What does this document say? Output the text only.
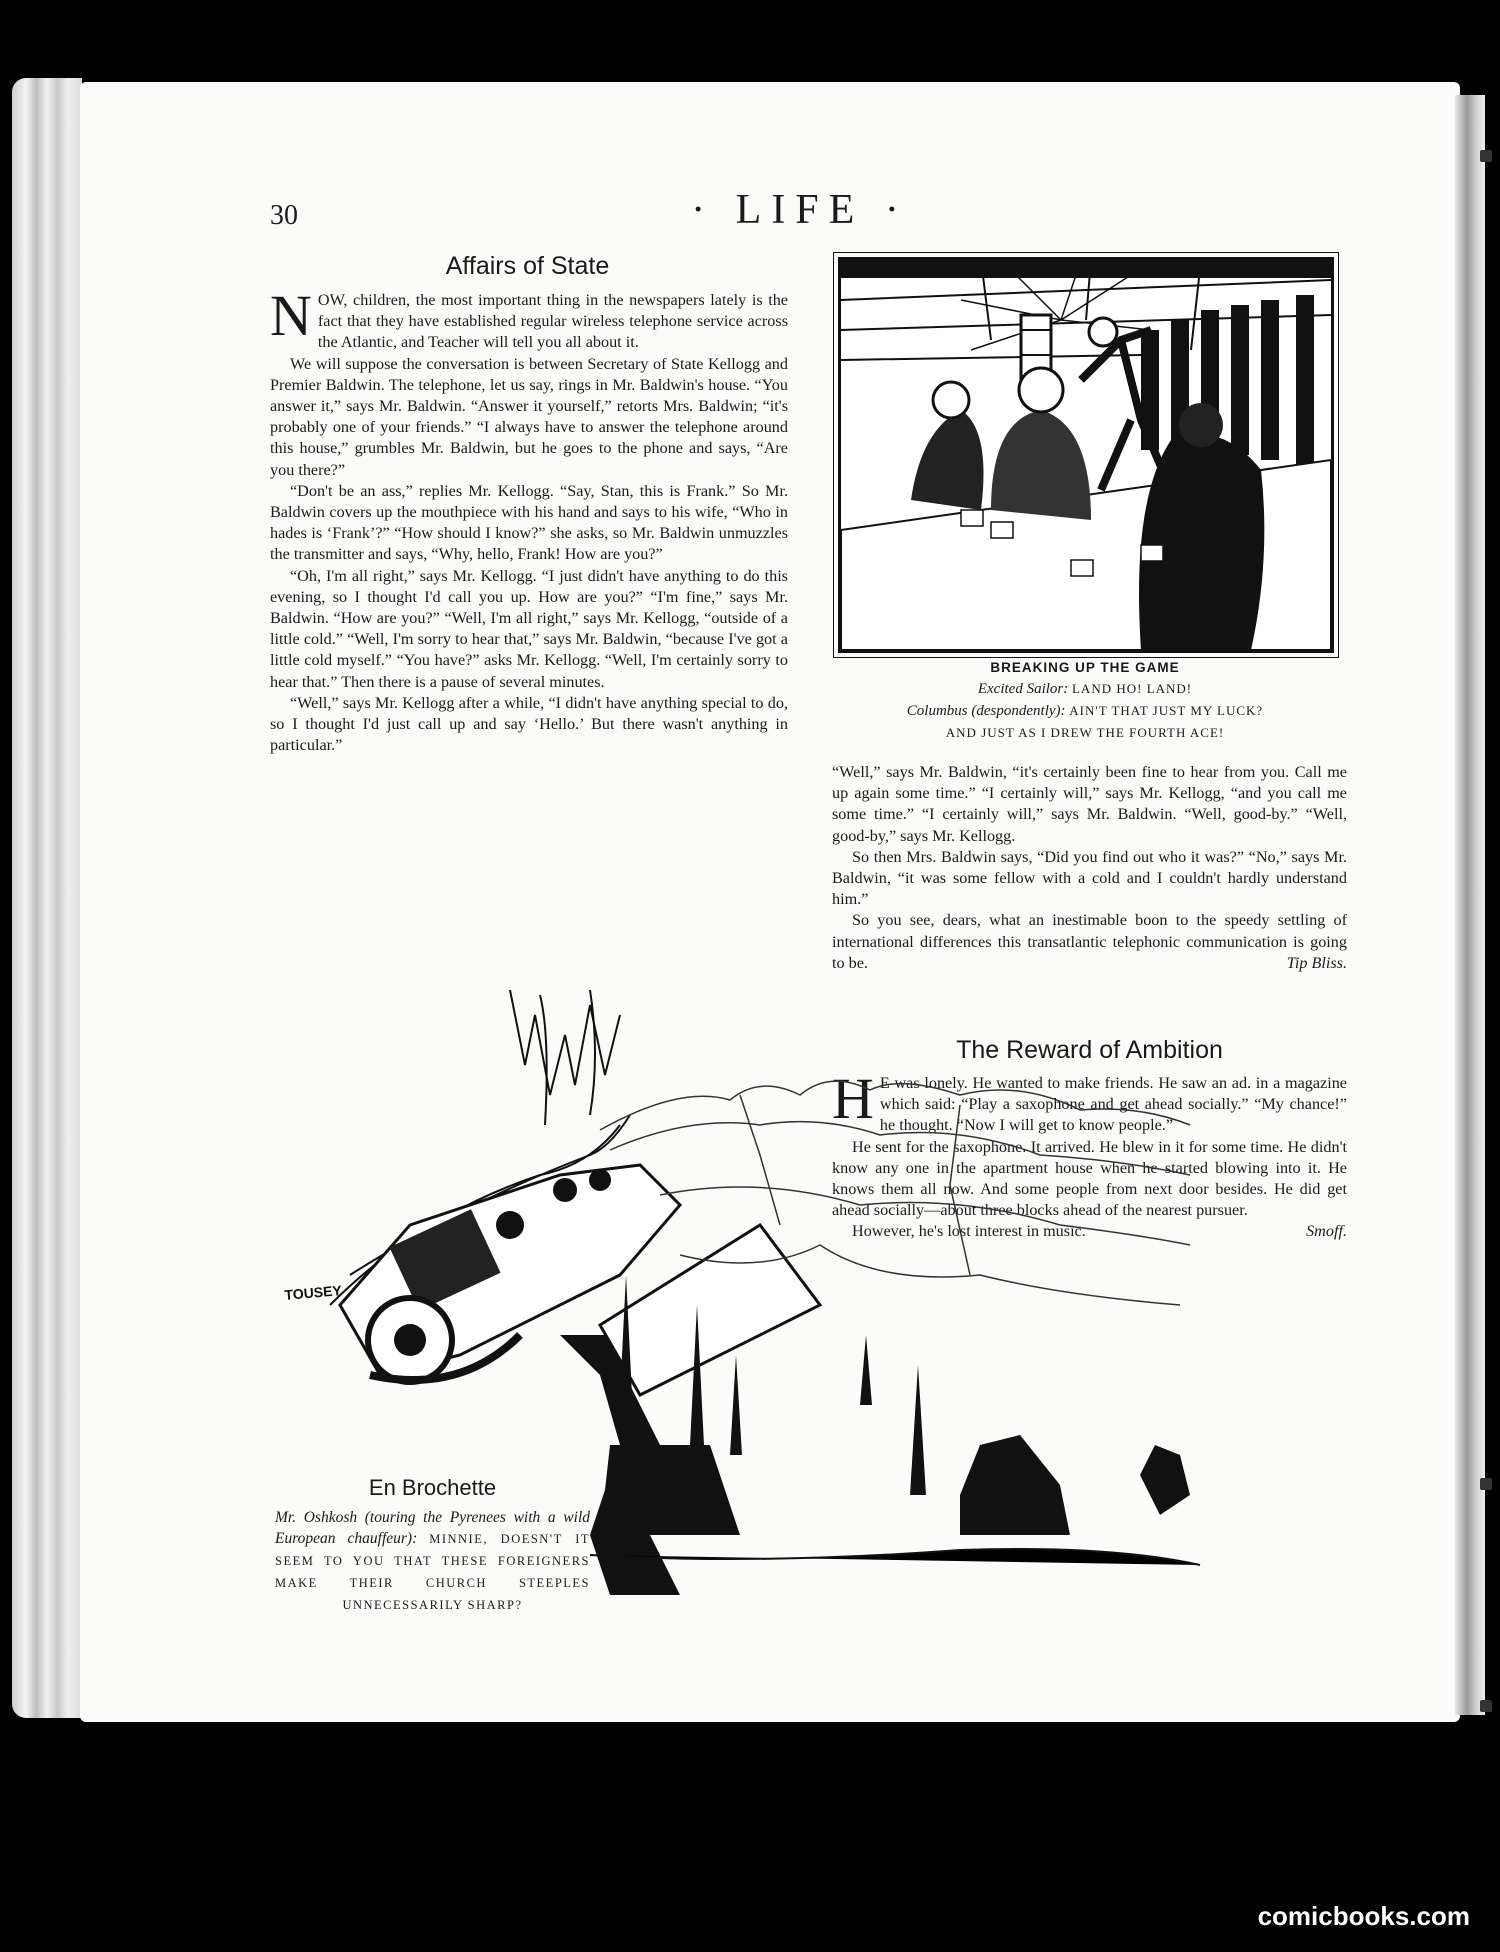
30	· LIFE ·
Affairs of State
N OW, children, the most important thing in the newspapers lately is the fact that they have established regular wireless telephone service across the Atlantic, and Teacher will tell you all about it.

We will suppose the conversation is between Secretary of State Kellogg and Premier Baldwin. The telephone, let us say, rings in Mr. Baldwin's house. “You answer it,” says Mr. Baldwin. “Answer it yourself,” retorts Mrs. Baldwin; “it's probably one of your friends.” “I always have to answer the telephone around this house,” grumbles Mr. Baldwin, but he goes to the phone and says, “Are you there?”

“Don't be an ass,” replies Mr. Kellogg. “Say, Stan, this is Frank.” So Mr. Baldwin covers up the mouthpiece with his hand and says to his wife, “Who in hades is ‘Frank’?” “How should I know?” she asks, so Mr. Baldwin unmuzzles the transmitter and says, “Why, hello, Frank! How are you?”

“Oh, I'm all right,” says Mr. Kellogg. “I just didn't have anything to do this evening, so I thought I'd call you up. How are you?” “I'm fine,” says Mr. Baldwin. “How are you?” “Well, I'm all right,” says Mr. Kellogg, “outside of a little cold.” “Well, I'm sorry to hear that,” says Mr. Baldwin, “because I've got a little cold myself.” “You have?” asks Mr. Kellogg. “Well, I'm certainly sorry to hear that.” Then there is a pause of several minutes.

“Well,” says Mr. Kellogg after a while, “I didn't have anything special to do, so I thought I'd just call up and say ‘Hello.’ But there wasn't anything in particular.”

BREAKING UP THE GAME
Excited Sailor: LAND HO! LAND!
Columbus (despondently): AIN'T THAT JUST MY LUCK?
AND JUST AS I DREW THE FOURTH ACE!

“Well,” says Mr. Baldwin, “it's certainly been fine to hear from you. Call me up again some time.” “I certainly will,” says Mr. Kellogg, “and you call me some time.” “I certainly will,” says Mr. Baldwin. “Well, good-by.” “Well, good-by,” says Mr. Kellogg.

So then Mrs. Baldwin says, “Did you find out who it was?” “No,” says Mr. Baldwin, “it was some fellow with a cold and I couldn't hardly understand him.”

So you see, dears, what an inestimable boon to the speedy settling of international differences this transatlantic telephonic communication is going to be.	Tip Bliss.

The Reward of Ambition
H E was lonely. He wanted to make friends. He saw an ad. in a magazine which said: “Play a saxophone and get ahead socially.” “My chance!” he thought. “Now I will get to know people.”

He sent for the saxophone. It arrived. He blew in it for some time. He didn't know any one in the apartment house when he started blowing into it. He knows them all now. And some people from next door besides. He did get ahead socially—about three blocks ahead of the nearest pursuer.

However, he's lost interest in music.	Smoff.

TOUSEY
En Brochette
Mr. Oshkosh (touring the Pyrenees with a wild European chauffeur): MINNIE, DOESN'T IT SEEM TO YOU THAT THESE FOREIGNERS MAKE THEIR CHURCH STEEPLES UNNECESSARILY SHARP?
comicbooks.com
